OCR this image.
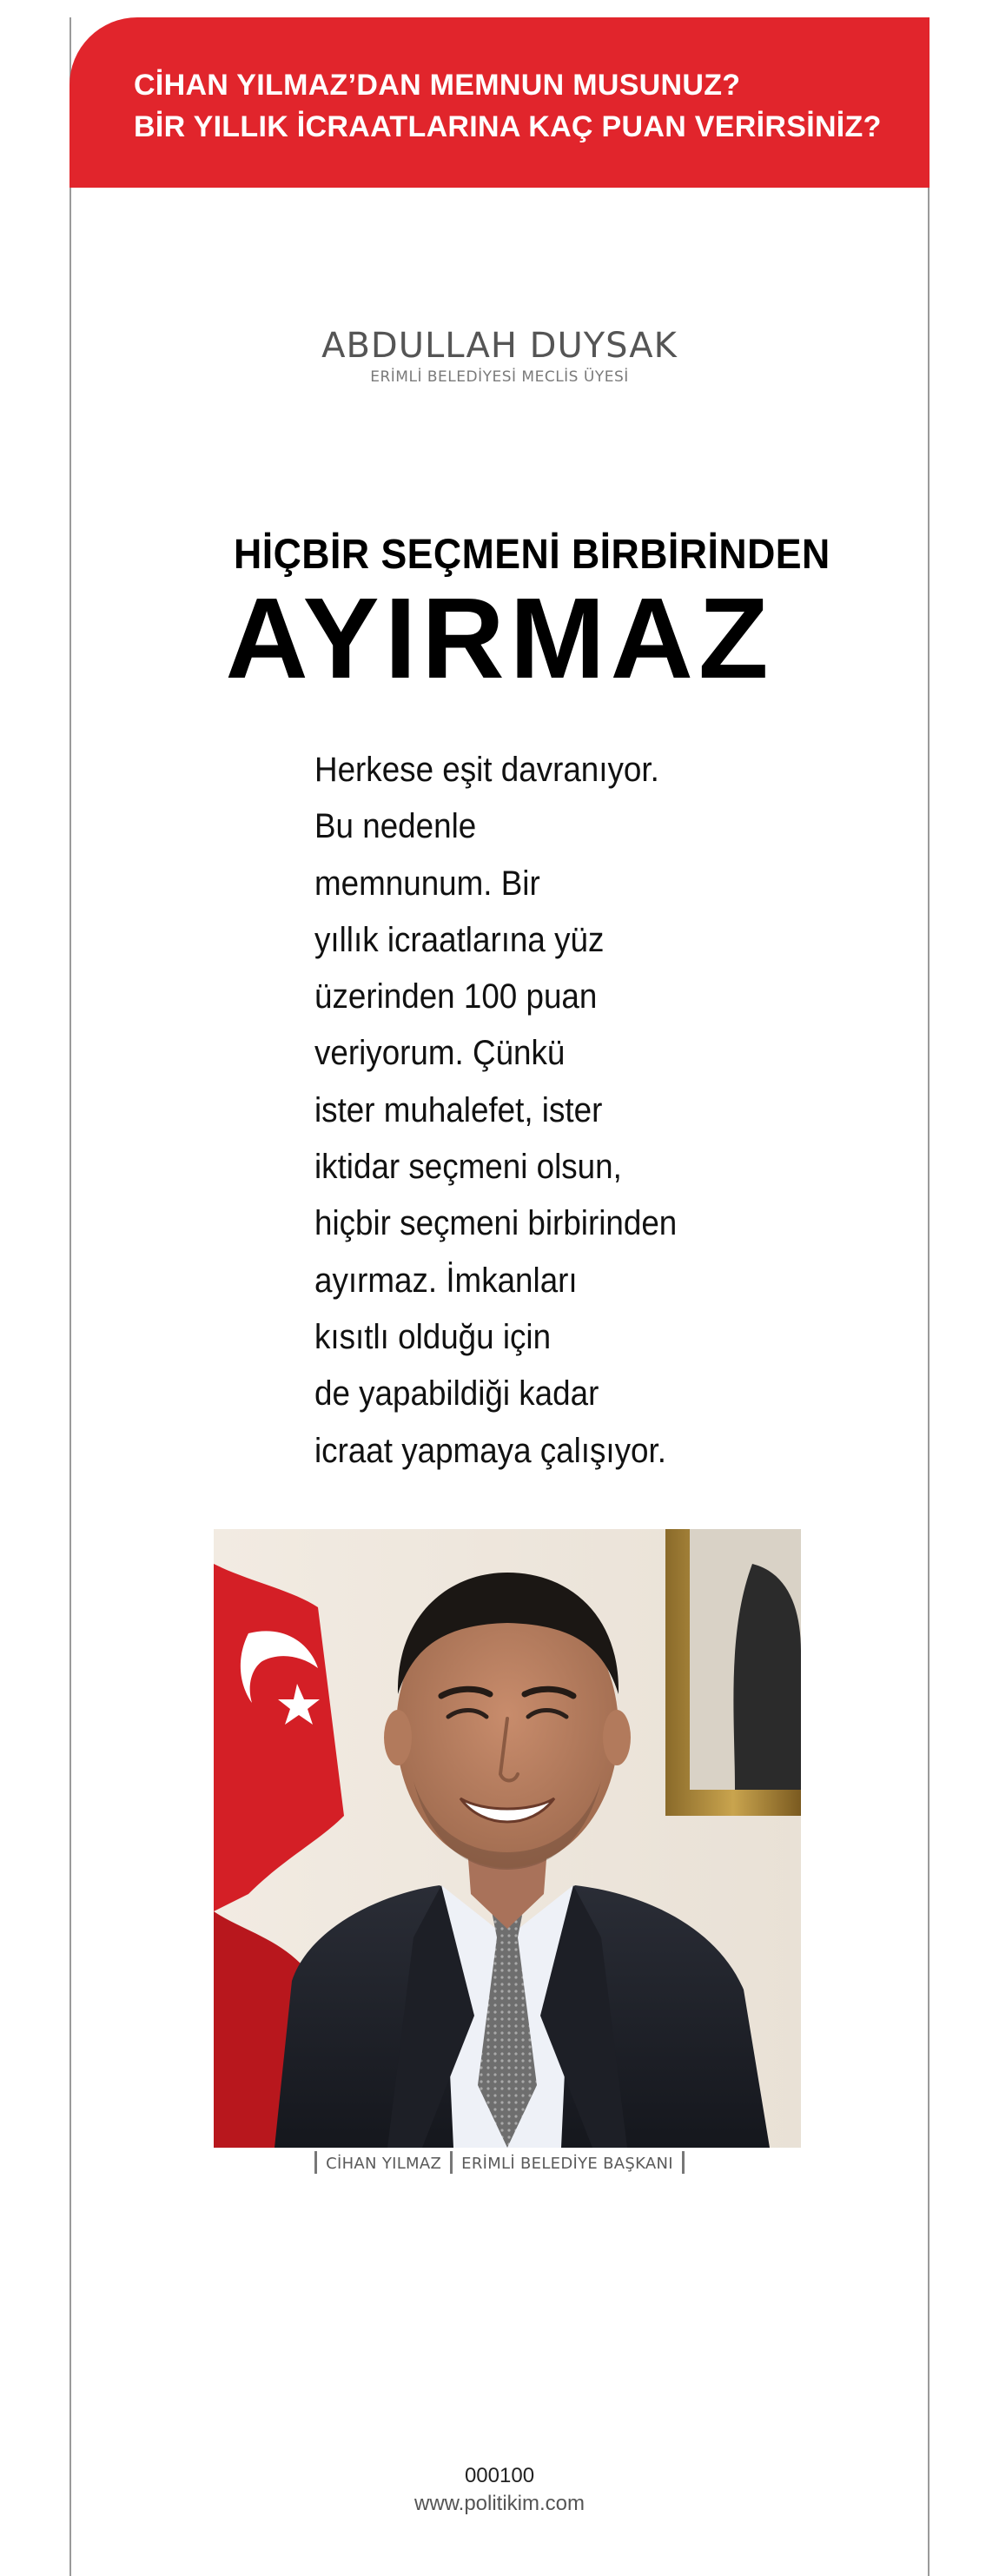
CİHAN YILMAZ’DAN MEMNUN MUSUNUZ?
BİR YILLIK İCRAATLARINA KAÇ PUAN VERİRSİNİZ?
ABDULLAH DUYSAK
ERİMLİ BELEDİYESİ MECLİS ÜYESİ
HİÇBİR SEÇMENİ BİRBİRİNDEN
AYIRMAZ

Herkese eşit davranıyor.
Bu nedenle
memnunum. Bir
yıllık icraatlarına yüz
üzerinden 100 puan
veriyorum. Çünkü
ister muhalefet, ister
iktidar seçmeni olsun,
hiçbir seçmeni birbirinden
ayırmaz. İmkanları
kısıtlı olduğu için
de yapabildiği kadar
icraat yapmaya çalışıyor.

CİHAN YILMAZ ERİMLİ BELEDİYE BAŞKANI
000100
www.politikim.com
